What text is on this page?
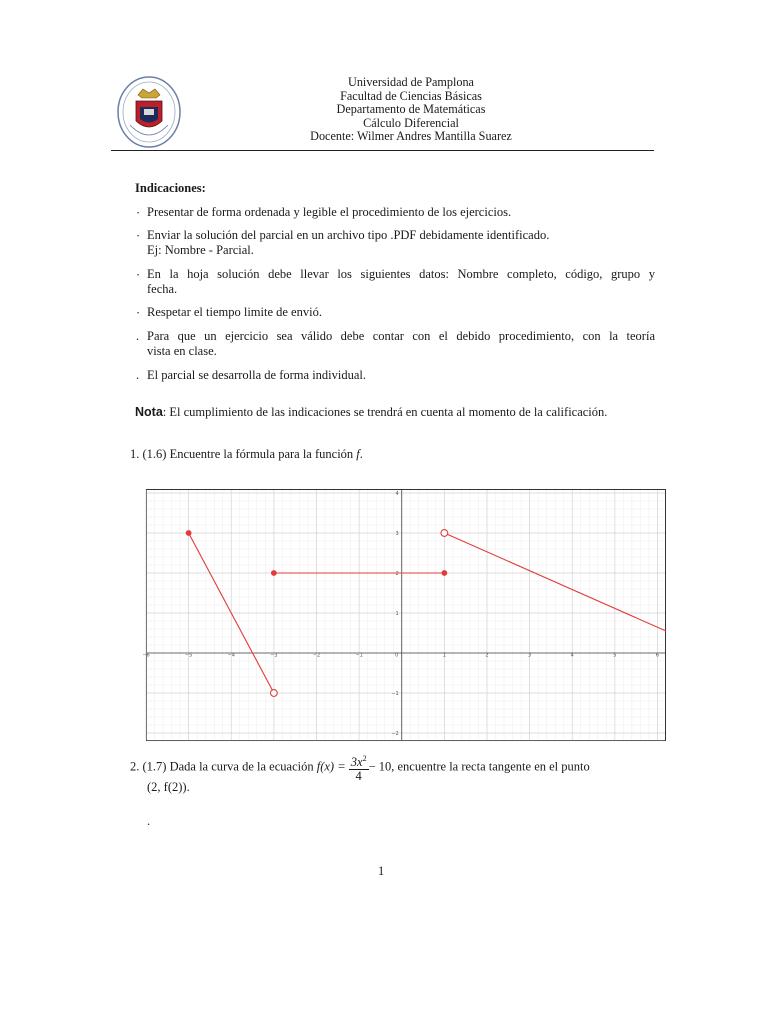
Universidad de Pamplona
Facultad de Ciencias Básicas
Departamento de Matemáticas
Cálculo Diferencial
Docente: Wilmer Andres Mantilla Suarez
Indicaciones:
· Presentar de forma ordenada y legible el procedimiento de los ejercicios.
· Enviar la solución del parcial en un archivo tipo .PDF debidamente identificado.
Ej: Nombre - Parcial.
· En la hoja solución debe llevar los siguientes datos: Nombre completo, código, grupo y
fecha.
· Respetar el tiempo limite de envió.
. Para que un ejercicio sea válido debe contar con el debido procedimiento, con la teoría
vista en clase.
. El parcial se desarrolla de forma individual.
Nota: El cumplimiento de las indicaciones se trendrá en cuenta al momento de la calificación.
1. (1.6) Encuentre la fórmula para la función f.
−6	−5	−4	−3	−2	−1	0	1	2	3	4	5	6
−2
−1
1
2
3
4
2. (1.7) Dada la curva de la ecuación $f(x) = \frac{3x^2}{4} - 10$, encuentre la recta tangente en el punto
(2, f(2)).
.
1
